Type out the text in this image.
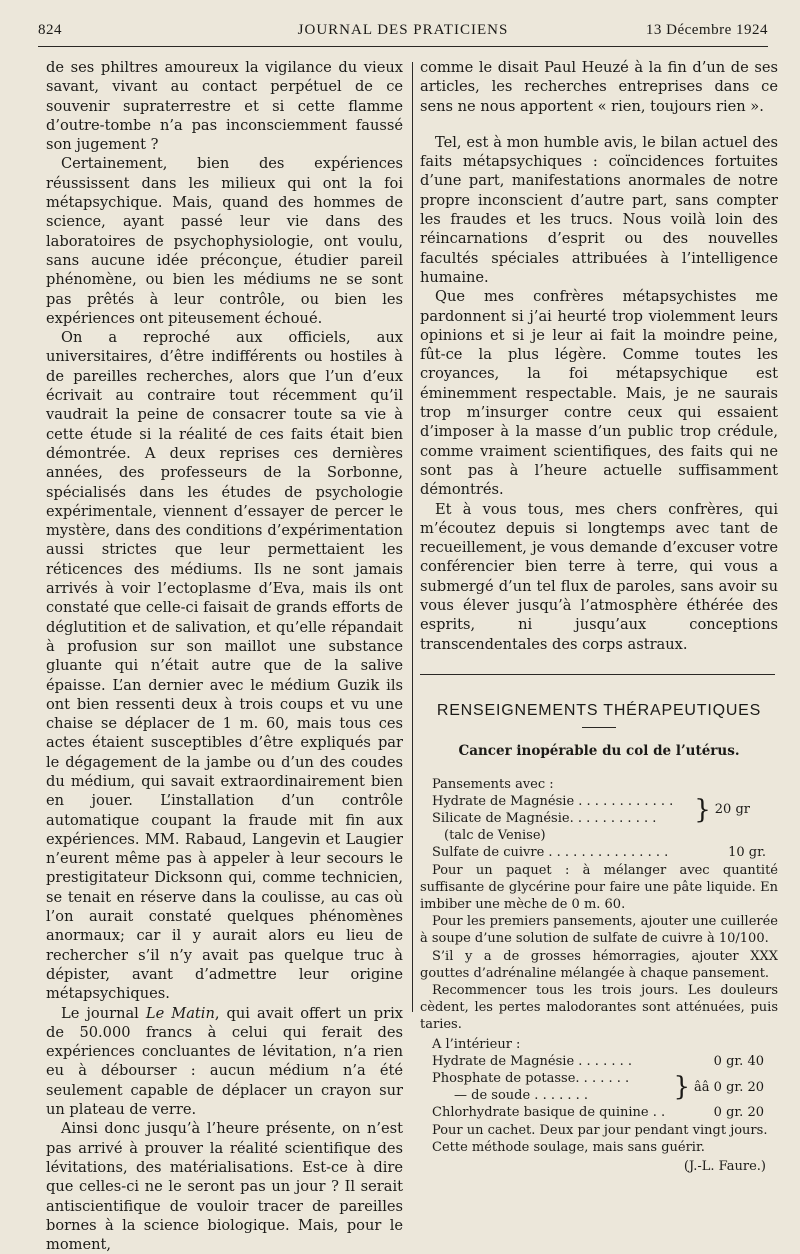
824	JOURNAL DES PRATICIENS	13 Décembre 1924

de ses philtres amoureux la vigilance du vieux savant, vivant au contact perpétuel de ce souvenir supraterrestre et si cette flamme d’outre-tombe n’a pas inconsciemment faussé son jugement ?

Certainement, bien des expériences réussissent dans les milieux qui ont la foi métapsychique. Mais, quand des hommes de science, ayant passé leur vie dans des laboratoires de psychophysiologie, ont voulu, sans aucune idée préconçue, étudier pareil phénomène, ou bien les médiums ne se sont pas prêtés à leur contrôle, ou bien les expériences ont piteusement échoué.

On a reproché aux officiels, aux universitaires, d’être indifférents ou hostiles à de pareilles recherches, alors que l’un d’eux écrivait au contraire tout récemment qu’il vaudrait la peine de consacrer toute sa vie à cette étude si la réalité de ces faits était bien démontrée. A deux reprises ces dernières années, des professeurs de la Sorbonne, spécialisés dans les études de psychologie expérimentale, viennent d’essayer de percer le mystère, dans des conditions d’expérimentation aussi strictes que leur permettaient les réticences des médiums. Ils ne sont jamais arrivés à voir l’ectoplasme d’Eva, mais ils ont constaté que celle-ci faisait de grands efforts de déglutition et de salivation, et qu’elle répandait à profusion sur son maillot une substance gluante qui n’était autre que de la salive épaisse. L’an dernier avec le médium Guzik ils ont bien ressenti deux à trois coups et vu une chaise se déplacer de 1 m. 60, mais tous ces actes étaient susceptibles d’être expliqués par le dégagement de la jambe ou d’un des coudes du médium, qui savait extraordinairement bien en jouer. L’installation d’un contrôle automatique coupant la fraude mit fin aux expériences. MM. Rabaud, Langevin et Laugier n’eurent même pas à appeler à leur secours le prestigitateur Dicksonn qui, comme technicien, se tenait en réserve dans la coulisse, au cas où l’on aurait constaté quelques phénomènes anormaux; car il y aurait alors eu lieu de rechercher s’il n’y avait pas quelque truc à dépister, avant d’admettre leur origine métapsychiques.

Le journal Le Matin, qui avait offert un prix de 50.000 francs à celui qui ferait des expériences concluantes de lévitation, n’a rien eu à débourser : aucun médium n’a été seulement capable de déplacer un crayon sur un plateau de verre.

Ainsi donc jusqu’à l’heure présente, on n’est pas arrivé à prouver la réalité scientifique des lévitations, des matérialisations. Est-ce à dire que celles-ci ne le seront pas un jour ? Il serait antiscientifique de vouloir tracer de pareilles bornes à la science biologique. Mais, pour le moment,

comme le disait Paul Heuzé à la fin d’un de ses articles, les recherches entreprises dans ce sens ne nous apportent « rien, toujours rien ».

Tel, est à mon humble avis, le bilan actuel des faits métapsychiques : coïncidences fortuites d’une part, manifestations anormales de notre propre inconscient d’autre part, sans compter les fraudes et les trucs. Nous voilà loin des réincarnations d’esprit ou des nouvelles facultés spéciales attribuées à l’intelligence humaine.

Que mes confrères métapsychistes me pardonnent si j’ai heurté trop violemment leurs opinions et si je leur ai fait la moindre peine, fût-ce la plus légère. Comme toutes les croyances, la foi métapsychique est éminemment respectable. Mais, je ne saurais trop m’insurger contre ceux qui essaient d’imposer à la masse d’un public trop crédule, comme vraiment scientifiques, des faits qui ne sont pas à l’heure actuelle suffisamment démontrés.

Et à vous tous, mes chers confrères, qui m’écoutez depuis si longtemps avec tant de recueillement, je vous demande d’excuser votre conférencier bien terre à terre, qui vous a submergé d’un tel flux de paroles, sans avoir su vous élever jusqu’à l’atmosphère éthérée des esprits, ni jusqu’aux conceptions transcendentales des corps astraux.

RENSEIGNEMENTS THÉRAPEUTIQUES
Cancer inopérable du col de l’utérus.
Pansements avec :
Hydrate de Magnésie . . . . . . . . . . . .
Silicate de Magnésie. . . . . . . . . . .	} 20 gr
(talc de Venise)
Sulfate de cuivre . . . . . . . . . . . . . . .	10 gr.

Pour un paquet : à mélanger avec quantité suffisante de glycérine pour faire une pâte liquide. En imbiber une mèche de 0 m. 60.

Pour les premiers pansements, ajouter une cuillerée à soupe d’une solution de sulfate de cuivre à 10/100.

S’il y a de grosses hémorragies, ajouter XXX gouttes d’adrénaline mélangée à chaque pansement.

Recommencer tous les trois jours. Les douleurs cèdent, les pertes malodorantes sont atténuées, puis taries.

A l’intérieur :
Hydrate de Magnésie . . . . . . .	0 gr. 40
Phosphate de potasse. . . . . . .
— de soude . . . . . . .	} ââ 0 gr. 20
Chlorhydrate basique de quinine . .	0 gr. 20
Pour un cachet. Deux par jour pendant vingt jours.
Cette méthode soulage, mais sans guérir.
(J.-L. Faure.)
